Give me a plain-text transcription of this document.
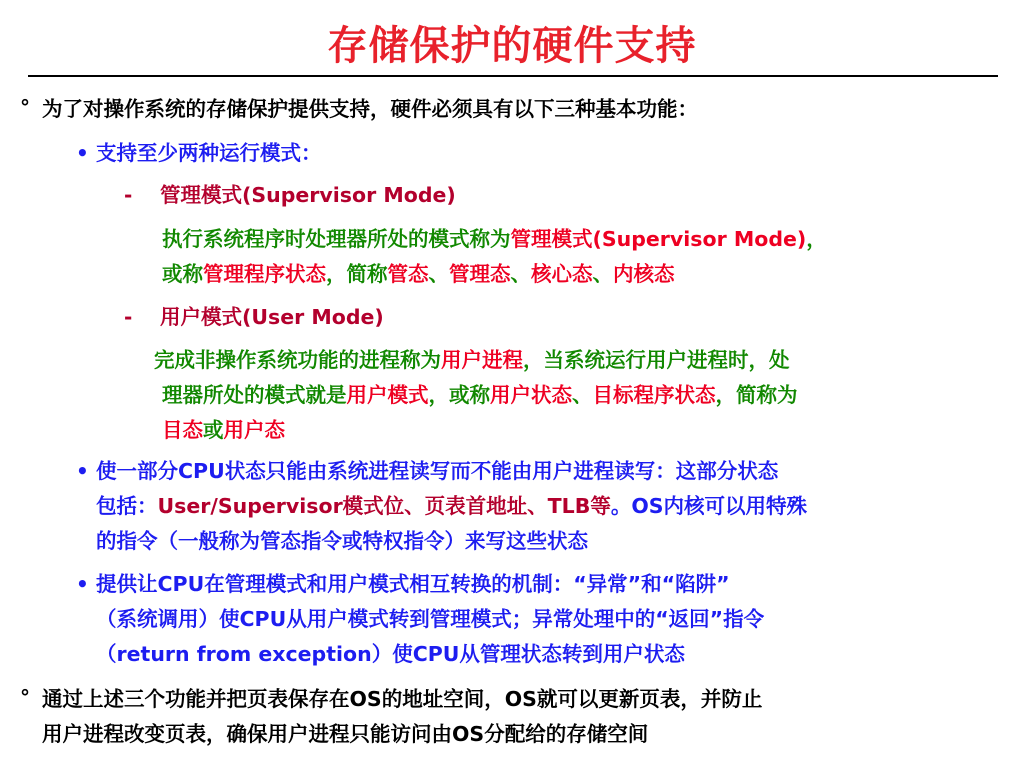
存储保护的硬件支持
° 为了对操作系统的存储保护提供支持，硬件必须具有以下三种基本功能：
• 支持至少两种运行模式：
- 管理模式(Supervisor Mode)
执行系统程序时处理器所处的模式称为管理模式(Supervisor Mode)，
或称管理程序状态，简称管态、管理态、核心态、内核态
- 用户模式(User Mode)
完成非操作系统功能的进程称为用户进程，当系统运行用户进程时，处
理器所处的模式就是用户模式，或称用户状态、目标程序状态，简称为
目态或用户态
• 使一部分CPU状态只能由系统进程读写而不能由用户进程读写：这部分状态
包括：User/Supervisor模式位、页表首地址、TLB等。OS内核可以用特殊
的指令（一般称为管态指令或特权指令）来写这些状态
• 提供让CPU在管理模式和用户模式相互转换的机制：“异常”和“陷阱”
（系统调用）使CPU从用户模式转到管理模式；异常处理中的“返回”指令
（return from exception）使CPU从管理状态转到用户状态
° 通过上述三个功能并把页表保存在OS的地址空间，OS就可以更新页表，并防止
用户进程改变页表，确保用户进程只能访问由OS分配给的存储空间
